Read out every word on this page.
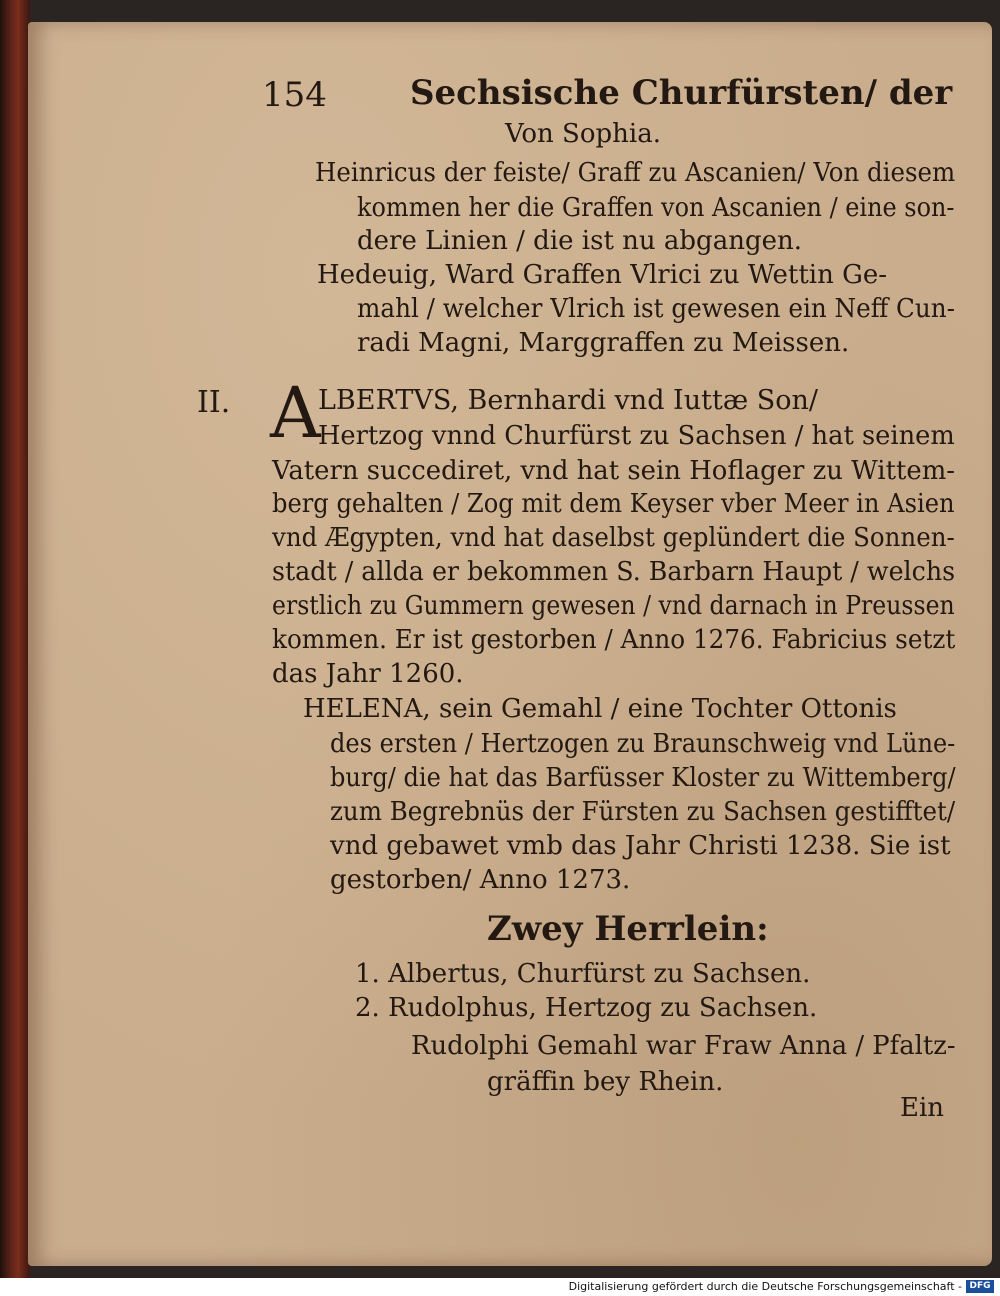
154 Sechsische Churfürsten/ der

Von Sophia.

Heinricus der feiste/ Graff zu Ascanien/ Von diesem

kommen her die Graffen von Ascanien / eine son-

dere Linien / die ist nu abgangen.

Hedeuig, Ward Graffen Vlrici zu Wettin Ge-

mahl / welcher Vlrich ist gewesen ein Neff Cun-

radi Magni, Marggraffen zu Meissen.

II. A

LBERTVS, Bernhardi vnd Iuttæ Son/

Hertzog vnnd Churfürst zu Sachsen / hat seinem

Vatern succediret, vnd hat sein Hoflager zu Wittem-

berg gehalten / Zog mit dem Keyser vber Meer in Asien

vnd Ægypten, vnd hat daselbst geplündert die Sonnen-

stadt / allda er bekommen S. Barbarn Haupt / welchs

erstlich zu Gummern gewesen / vnd darnach in Preussen

kommen. Er ist gestorben / Anno 1276. Fabricius setzt

das Jahr 1260.

HELENA, sein Gemahl / eine Tochter Ottonis

des ersten / Hertzogen zu Braunschweig vnd Lüne-

burg/ die hat das Barfüsser Kloster zu Wittemberg/

zum Begrebnüs der Fürsten zu Sachsen gestifftet/

vnd gebawet vmb das Jahr Christi 1238. Sie ist

gestorben/ Anno 1273.

Zwey Herrlein:

1. Albertus, Churfürst zu Sachsen.

2. Rudolphus, Hertzog zu Sachsen.

Rudolphi Gemahl war Fraw Anna / Pfaltz-

gräffin bey Rhein.

Ein

Digitalisierung gefördert durch die Deutsche Forschungsgemeinschaft - DFG
